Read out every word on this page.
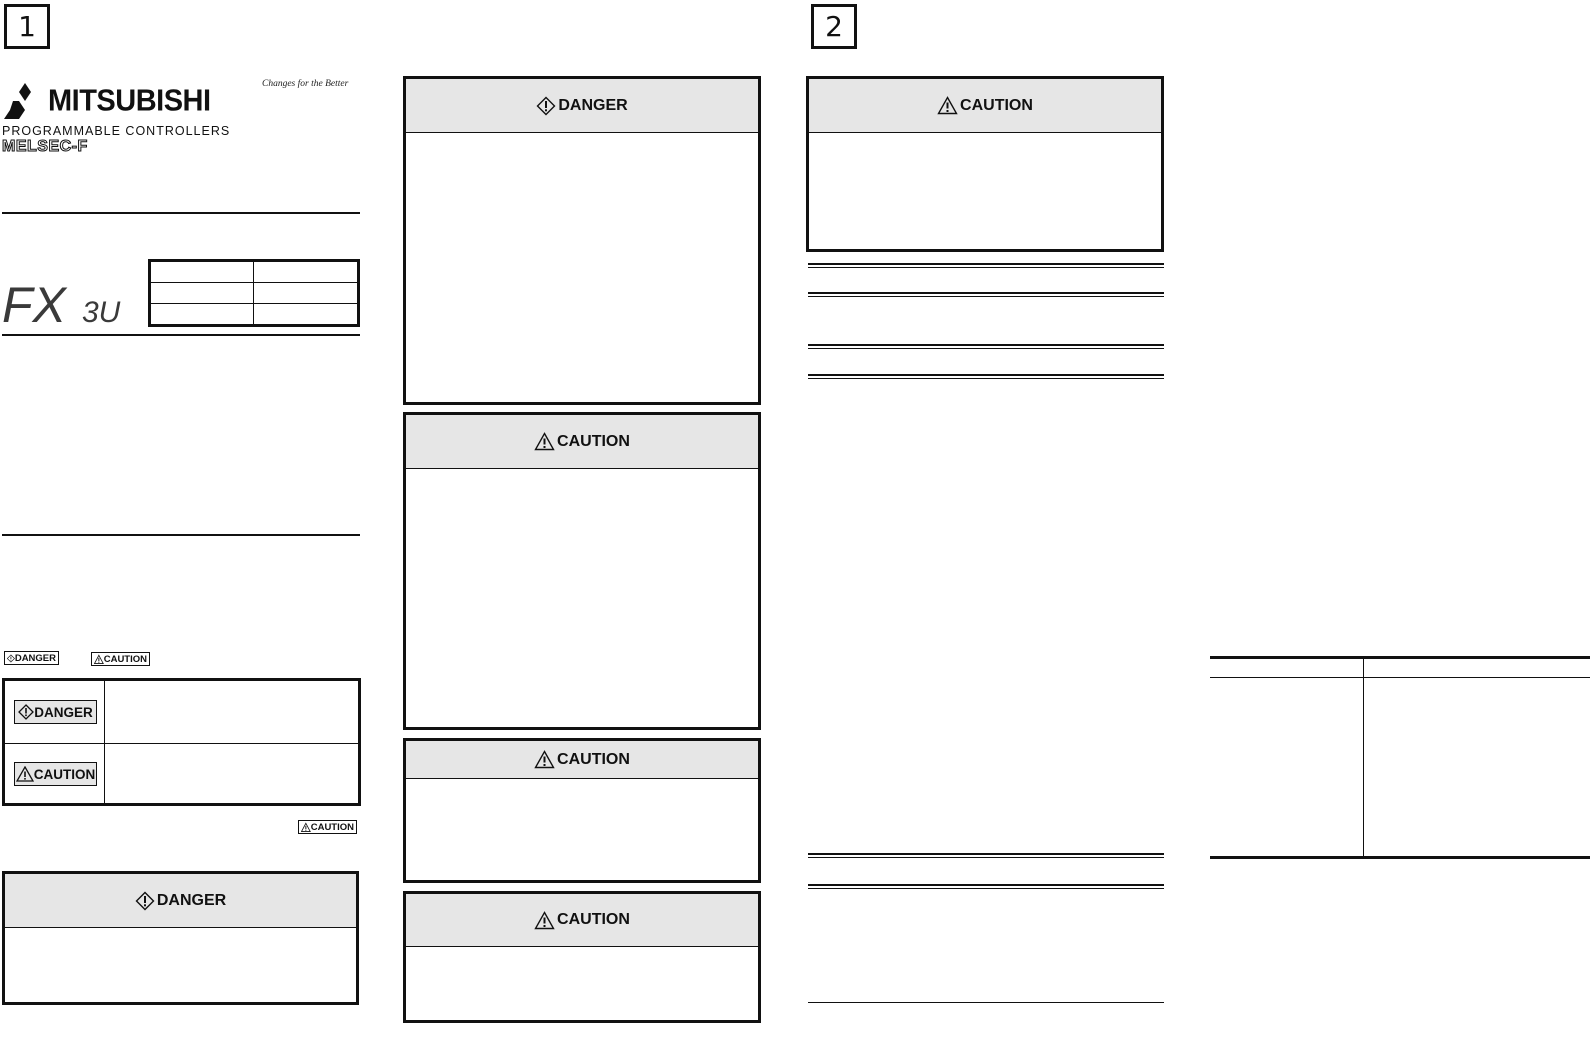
1
MITSUBISHI	Changes for the Better
PROGRAMMABLE CONTROLLERS
MELSEC-F
FX 3U

DANGER	CAUTION
DANGER
CAUTION
CAUTION
DANGER
DANGER
CAUTION
CAUTION
CAUTION
2
CAUTION
